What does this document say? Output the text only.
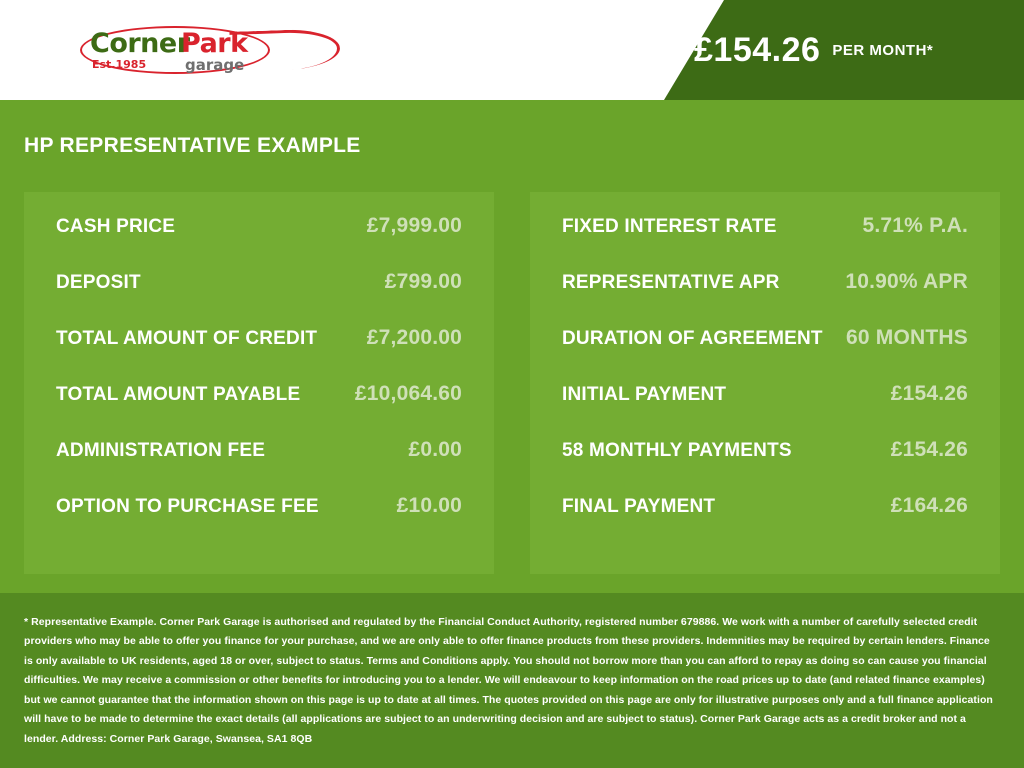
Corner
Park
Est.1985	garage	£154.26 PER MONTH*
HP REPRESENTATIVE EXAMPLE
CASH PRICE	£7,999.00
DEPOSIT	£799.00
TOTAL AMOUNT OF CREDIT £7,200.00
TOTAL AMOUNT PAYABLE	£10,064.60
ADMINISTRATION FEE	£0.00
OPTION TO PURCHASE FEE	£10.00
FIXED INTEREST RATE	5.71% P.A.
REPRESENTATIVE APR	10.90% APR
DURATION OF AGREEMENT 60 MONTHS
INITIAL PAYMENT	£154.26
58 MONTHLY PAYMENTS	£154.26
FINAL PAYMENT	£164.26

* Representative Example. Corner Park Garage is authorised and regulated by the Financial Conduct Authority, registered number 679886. We work with a number of carefully selected credit providers who may be able to offer you finance for your purchase, and we are only able to offer finance products from these providers. Indemnities may be required by certain lenders. Finance is only available to UK residents, aged 18 or over, subject to status. Terms and Conditions apply. You should not borrow more than you can afford to repay as doing so can cause you financial difficulties. We may receive a commission or other benefits for introducing you to a lender. We will endeavour to keep information on the road prices up to date (and related finance examples) but we cannot guarantee that the information shown on this page is up to date at all times. The quotes provided on this page are only for illustrative purposes only and a full finance application will have to be made to determine the exact details (all applications are subject to an underwriting decision and are subject to status). Corner Park Garage acts as a credit broker and not a lender. Address: Corner Park Garage, Swansea, SA1 8QB
